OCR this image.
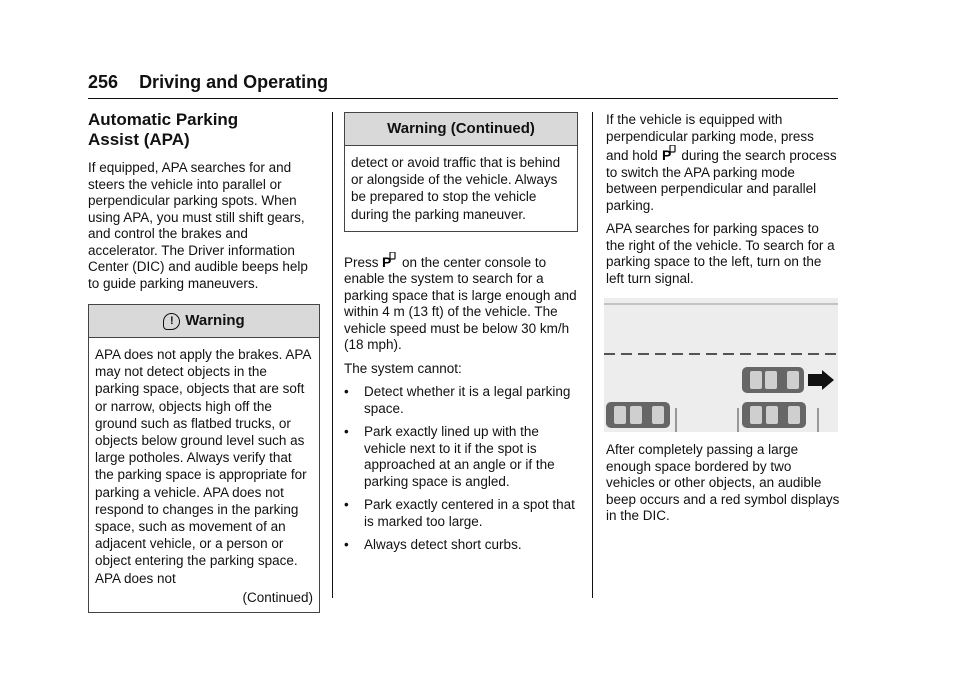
256 Driving and Operating
Automatic Parking
Assist (APA)

If equipped, APA searches for and steers the vehicle into parallel or perpendicular parking spots. When using APA, you must still shift gears, and control the brakes and accelerator. The Driver information Center (DIC) and audible beeps help to guide parking maneuvers.

! Warning
APA does not apply the brakes. APA may not detect objects in the parking space, objects that are soft or narrow, objects high off the ground such as flatbed trucks, or objects below ground level such as large potholes. Always verify that the parking space is appropriate for parking a vehicle. APA does not respond to changes in the parking space, such as movement of an adjacent vehicle, or a person or object entering the parking space. APA does not
(Continued)
Warning (Continued)
detect or avoid traffic that is behind or alongside of the vehicle. Always be prepared to stop the vehicle during the parking maneuver.

Press P on the center console to enable the system to search for a parking space that is large enough and within 4 m (13 ft) of the vehicle. The vehicle speed must be below 30 km/h (18 mph).

The system cannot:

•	Detect whether it is a legal parking space.
•	Park exactly lined up with the vehicle next to it if the spot is approached at an angle or if the parking space is angled.
•	Park exactly centered in a spot that is marked too large.
•	Always detect short curbs.

If the vehicle is equipped with perpendicular parking mode, press and hold P during the search process to switch the APA parking mode between perpendicular and parallel parking.

APA searches for parking spaces to the right of the vehicle. To search for a parking space to the left, turn on the left turn signal.

After completely passing a large enough space bordered by two vehicles or other objects, an audible beep occurs and a red symbol displays in the DIC.
